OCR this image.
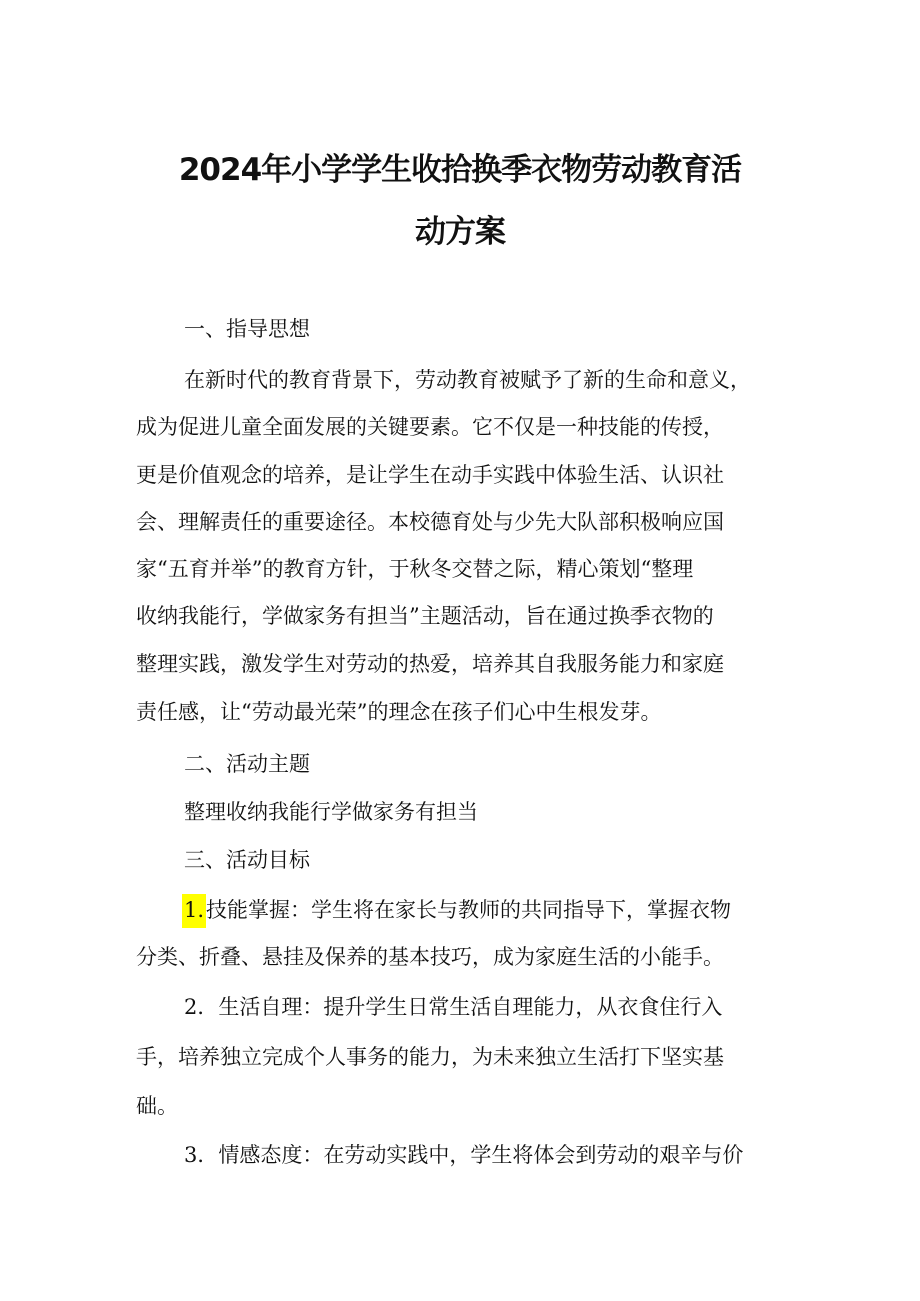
2024年小学学生收拾换季衣物劳动教育活
动方案
一、指导思想
在新时代的教育背景下，劳动教育被赋予了新的生命和意义，
成为促进儿童全面发展的关键要素。它不仅是一种技能的传授，
更是价值观念的培养，是让学生在动手实践中体验生活、认识社
会、理解责任的重要途径。本校德育处与少先大队部积极响应国
家“五育并举”的教育方针，于秋冬交替之际，精心策划“整理
收纳我能行，学做家务有担当”主题活动，旨在通过换季衣物的
整理实践，激发学生对劳动的热爱，培养其自我服务能力和家庭
责任感，让“劳动最光荣”的理念在孩子们心中生根发芽。
二、活动主题
整理收纳我能行学做家务有担当
三、活动目标
1.技能掌握：学生将在家长与教师的共同指导下，掌握衣物
分类、折叠、悬挂及保养的基本技巧，成为家庭生活的小能手。
2．生活自理：提升学生日常生活自理能力，从衣食住行入
手，培养独立完成个人事务的能力，为未来独立生活打下坚实基
础。
3．情感态度：在劳动实践中，学生将体会到劳动的艰辛与价
